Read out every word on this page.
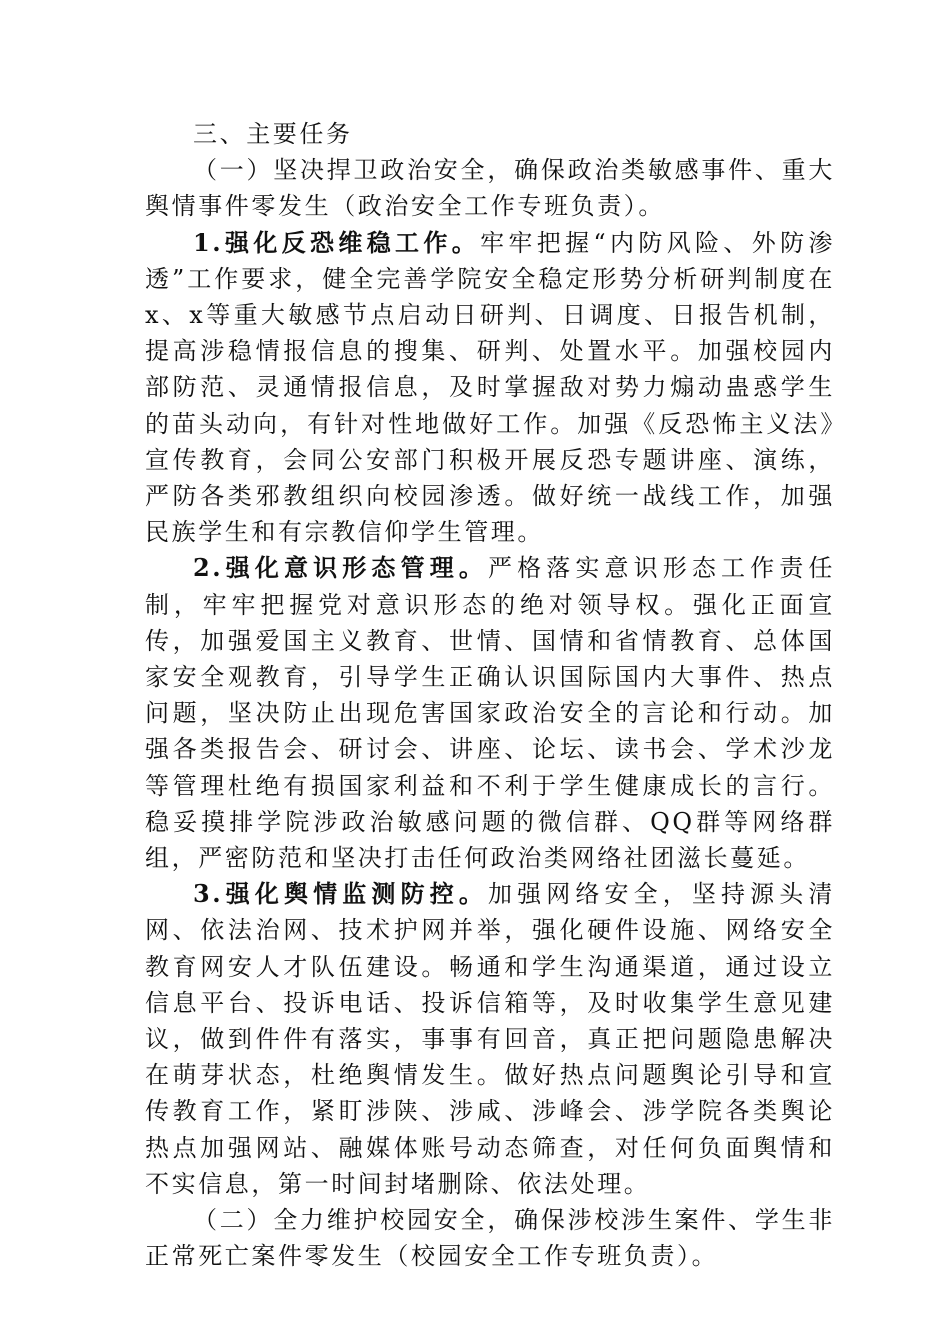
三、主要任务

（一）坚决捍卫政治安全，确保政治类敏感事件、重大舆情事件零发生（政治安全工作专班负责）。

1.强化反恐维稳工作。牢牢把握“内防风险、外防渗透”工作要求，健全完善学院安全稳定形势分析研判制度在x、x等重大敏感节点启动日研判、日调度、日报告机制，提高涉稳情报信息的搜集、研判、处置水平。加强校园内部防范、灵通情报信息，及时掌握敌对势力煽动蛊惑学生的苗头动向，有针对性地做好工作。加强《反恐怖主义法》宣传教育，会同公安部门积极开展反恐专题讲座、演练，严防各类邪教组织向校园渗透。做好统一战线工作，加强民族学生和有宗教信仰学生管理。

2.强化意识形态管理。严格落实意识形态工作责任制，牢牢把握党对意识形态的绝对领导权。强化正面宣传，加强爱国主义教育、世情、国情和省情教育、总体国家安全观教育，引导学生正确认识国际国内大事件、热点问题，坚决防止出现危害国家政治安全的言论和行动。加强各类报告会、研讨会、讲座、论坛、读书会、学术沙龙等管理杜绝有损国家利益和不利于学生健康成长的言行。稳妥摸排学院涉政治敏感问题的微信群、QQ群等网络群组，严密防范和坚决打击任何政治类网络社团滋长蔓延。

3.强化舆情监测防控。加强网络安全，坚持源头清网、依法治网、技术护网并举，强化硬件设施、网络安全教育网安人才队伍建设。畅通和学生沟通渠道，通过设立信息平台、投诉电话、投诉信箱等，及时收集学生意见建议，做到件件有落实，事事有回音，真正把问题隐患解决在萌芽状态，杜绝舆情发生。做好热点问题舆论引导和宣传教育工作，紧盯涉陕、涉咸、涉峰会、涉学院各类舆论热点加强网站、融媒体账号动态筛查，对任何负面舆情和不实信息，第一时间封堵删除、依法处理。

（二）全力维护校园安全，确保涉校涉生案件、学生非正常死亡案件零发生（校园安全工作专班负责）。
